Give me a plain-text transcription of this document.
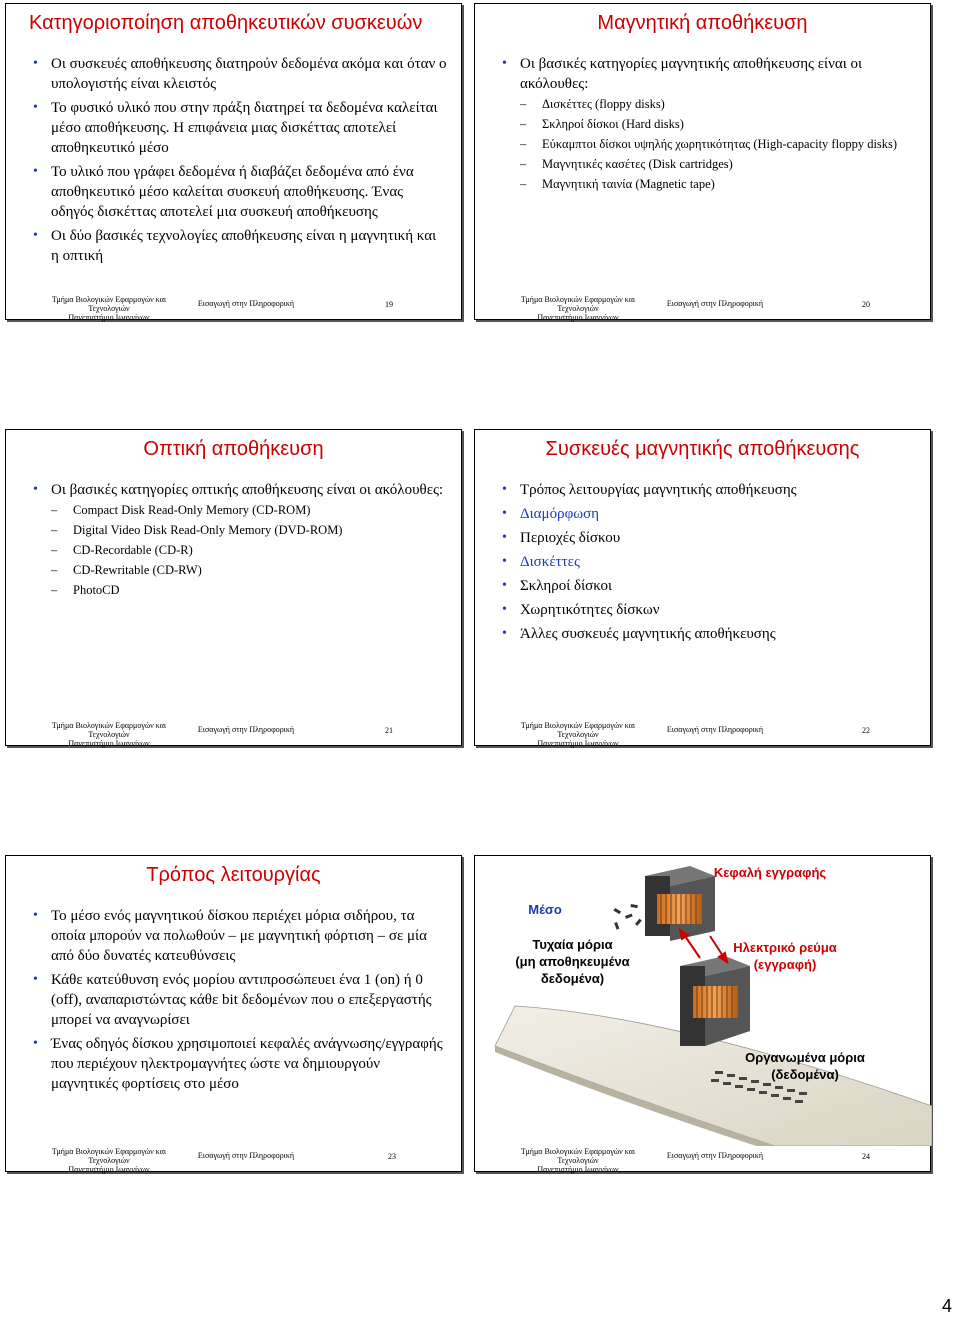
Κατηγοριοποίηση αποθηκευτικών συσκευών
• Οι συσκευές αποθήκευσης διατηρούν δεδομένα ακόμα και όταν ο υπολογιστής είναι κλειστός
• Το φυσικό υλικό που στην πράξη διατηρεί τα δεδομένα καλείται μέσο αποθήκευσης. Η επιφάνεια μιας δισκέττας αποτελεί αποθηκευτικό μέσο
• Το υλικό που γράφει δεδομένα ή διαβάζει δεδομένα από ένα αποθηκευτικό μέσο καλείται συσκευή αποθήκευσης. Ένας οδηγός δισκέττας αποτελεί μια συσκευή αποθήκευσης
• Οι δύο βασικές τεχνολογίες αποθήκευσης είναι η μαγνητική και η οπτική
Τμήμα Βιολογικών Εφαρμογών και Τεχνολογιών
Πανεπιστήμιο Ιωαννίνων
Εισαγωγή στην Πληροφορική	19
Μαγνητική αποθήκευση
• Οι βασικές κατηγορίες μαγνητικής αποθήκευσης είναι οι ακόλουθες:
– Δισκέττες (floppy disks)
– Σκληροί δίσκοι (Hard disks)
– Εύκαμπτοι δίσκοι υψηλής χωρητικότητας (High-capacity floppy disks)
– Μαγνητικές κασέτες (Disk cartridges)
– Μαγνητική ταινία (Magnetic tape)
Τμήμα Βιολογικών Εφαρμογών και Τεχνολογιών
Πανεπιστήμιο Ιωαννίνων
Εισαγωγή στην Πληροφορική	20
Οπτική αποθήκευση
• Οι βασικές κατηγορίες οπτικής αποθήκευσης είναι οι ακόλουθες:
– Compact Disk Read-Only Memory (CD-ROM)
– Digital Video Disk Read-Only Memory (DVD-ROM)
– CD-Recordable (CD-R)
– CD-Rewritable (CD-RW)
– PhotoCD
Τμήμα Βιολογικών Εφαρμογών και Τεχνολογιών
Πανεπιστήμιο Ιωαννίνων
Εισαγωγή στην Πληροφορική	21
Συσκευές μαγνητικής αποθήκευσης
• Τρόπος λειτουργίας μαγνητικής αποθήκευσης
• Διαμόρφωση
• Περιοχές δίσκου
• Δισκέττες
• Σκληροί δίσκοι
• Χωρητικότητες δίσκων
• Άλλες συσκευές μαγνητικής αποθήκευσης
Τμήμα Βιολογικών Εφαρμογών και Τεχνολογιών
Πανεπιστήμιο Ιωαννίνων
Εισαγωγή στην Πληροφορική	22
Τρόπος λειτουργίας
• Το μέσο ενός μαγνητικού δίσκου περιέχει μόρια σιδήρου, τα οποία μπορούν να πολωθούν – με μαγνητική φόρτιση – σε μία από δύο δυνατές κατευθύνσεις
• Κάθε κατεύθυνση ενός μορίου αντιπροσώπευει ένα 1 (on) ή 0 (off), αναπαριστώντας κάθε bit δεδομένων που ο επεξεργαστής μπορεί να αναγνωρίσει
• Ένας οδηγός δίσκου χρησιμοποιεί κεφαλές ανάγνωσης/εγγραφής που περιέχουν ηλεκτρομαγνήτες ώστε να δημιουργούν μαγνητικές φορτίσεις στο μέσο
Τμήμα Βιολογικών Εφαρμογών και Τεχνολογιών
Πανεπιστήμιο Ιωαννίνων
Εισαγωγή στην Πληροφορική	23
Κεφαλή εγγραφής
Μέσο
Τυχαία μόρια
(μη αποθηκευμένα
δεδομένα)
Ηλεκτρικό ρεύμα
(εγγραφή)
Οργανωμένα μόρια
(δεδομένα)
Τμήμα Βιολογικών Εφαρμογών και Τεχνολογιών
Πανεπιστήμιο Ιωαννίνων
Εισαγωγή στην Πληροφορική	24
4
